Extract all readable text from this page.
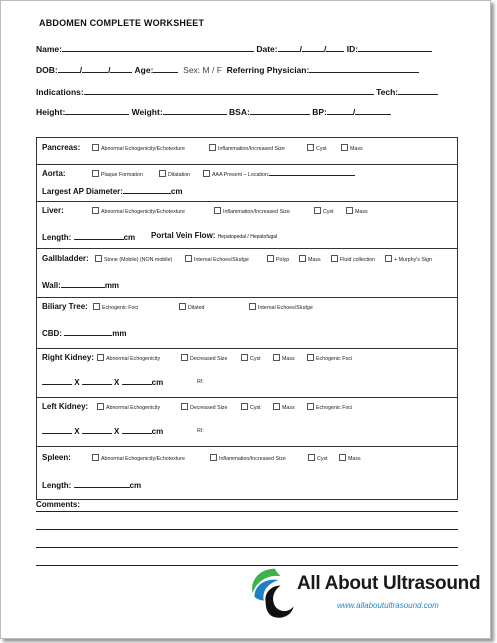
ABDOMEN COMPLETE WORKSHEET
Name:	Date:	/	/ ID:
DOB:	/	/	Age:	Sex: M / F Referring Physician:
Indications:	Tech:
Height:	Weight:	BSA:	BP:	/
Pancreas:	Abnormal Echogenicity/Echotexture	Inflammation/Increased Size	Cyst	Mass
Aorta:	Plaque Formation	Dilatation	AAA Present – Location:
Largest AP Diameter:	cm
Liver:	Abnormal Echogenicity/Echotexture	Inflammation/Increased Size	Cyst	Mass
Length:	cm Portal Vein Flow: Hepatopedal / Hepatofugal
Gallbladder:	Stone (Mobile) (NON mobile)	Internal Echoes/Sludge	Polyp	Mass	Fluid collection	+ Murphy's Sign
Wall:	mm
Biliary Tree:	Echogenic Foci	Dilated	Internal Echoes/Sludge
CBD:	mm
Right Kidney:	Abnormal Echogenicity	Decreased Size	Cyst	Mass	Echogenic Foci
X	X	cm	RI:
Left Kidney:	Abnormal Echogenicity	Decreased Size	Cyst	Mass	Echogenic Foci
X	X	cm	RI:
Spleen:	Abnormal Echogenicity/Echotexture	Inflammation/Increased Size	Cyst	Mass
Length:	cm
Comments:
All About Ultrasound
www.allaboutultrasound.com
